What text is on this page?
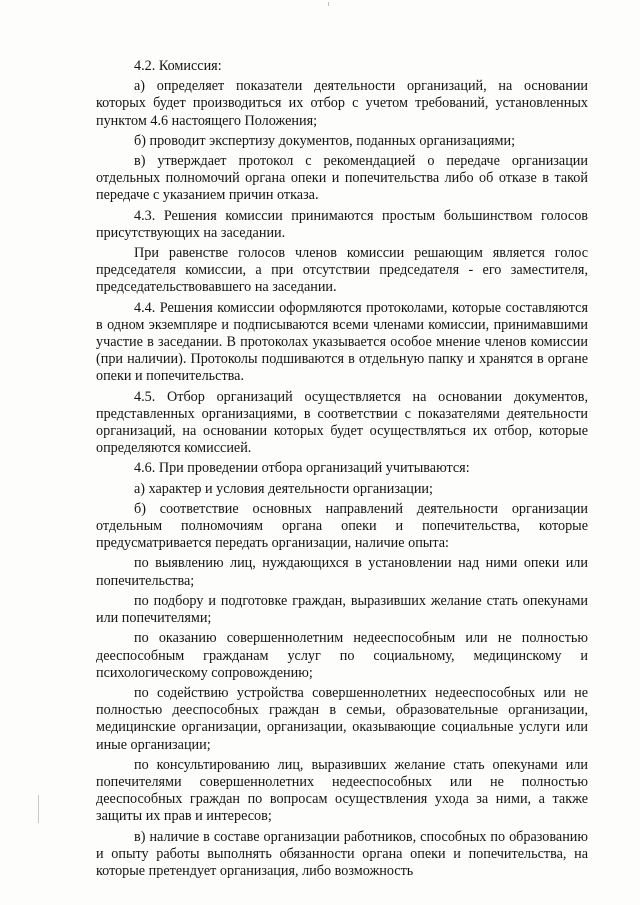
4.2. Комиссия:

а) определяет показатели деятельности организаций, на основании которых будет производиться их отбор с учетом требований, установленных пунктом 4.6 настоящего Положения;

б) проводит экспертизу документов, поданных организациями;

в) утверждает протокол с рекомендацией о передаче организации отдельных полномочий органа опеки и попечительства либо об отказе в такой передаче с указанием причин отказа.

4.3. Решения комиссии принимаются простым большинством голосов присутствующих на заседании.

При равенстве голосов членов комиссии решающим является голос председателя комиссии, а при отсутствии председателя - его заместителя, председательствовавшего на заседании.

4.4. Решения комиссии оформляются протоколами, которые составляются в одном экземпляре и подписываются всеми членами комиссии, принимавшими участие в заседании. В протоколах указывается особое мнение членов комиссии (при наличии). Протоколы подшиваются в отдельную папку и хранятся в органе опеки и попечительства.

4.5. Отбор организаций осуществляется на основании документов, представленных организациями, в соответствии с показателями деятельности организаций, на основании которых будет осуществляться их отбор, которые определяются комиссией.

4.6. При проведении отбора организаций учитываются:

а) характер и условия деятельности организации;

б) соответствие основных направлений деятельности организации отдельным полномочиям органа опеки и попечительства, которые предусматривается передать организации, наличие опыта:

по выявлению лиц, нуждающихся в установлении над ними опеки или попечительства;

по подбору и подготовке граждан, выразивших желание стать опекунами или попечителями;

по оказанию совершеннолетним недееспособным или не полностью дееспособным гражданам услуг по социальному, медицинскому и психологическому сопровождению;

по содействию устройства совершеннолетних недееспособных или не полностью дееспособных граждан в семьи, образовательные организации, медицинские организации, организации, оказывающие социальные услуги или иные организации;

по консультированию лиц, выразивших желание стать опекунами или попечителями совершеннолетних недееспособных или не полностью дееспособных граждан по вопросам осуществления ухода за ними, а также защиты их прав и интересов;

в) наличие в составе организации работников, способных по образованию и опыту работы выполнять обязанности органа опеки и попечительства, на которые претендует организация, либо возможность
